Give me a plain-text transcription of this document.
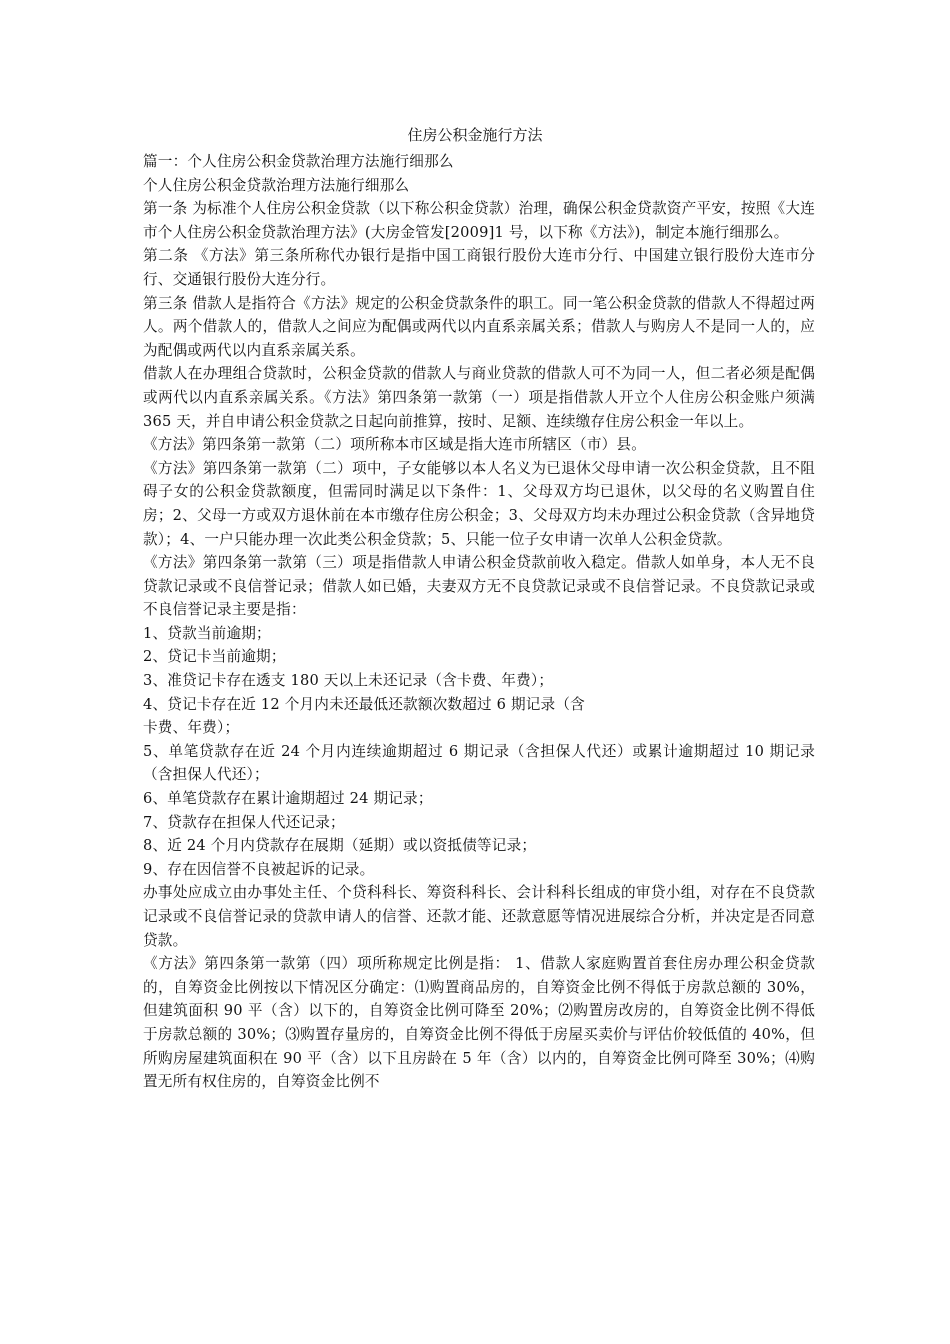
住房公积金施行方法

篇一：个人住房公积金贷款治理方法施行细那么

个人住房公积金贷款治理方法施行细那么

第一条 为标准个人住房公积金贷款（以下称公积金贷款）治理，确保公积金贷款资产平安，按照《大连市个人住房公积金贷款治理方法》(大房金管发[2009]1 号，以下称《方法》)，制定本施行细那么。

第二条 《方法》第三条所称代办银行是指中国工商银行股份大连市分行、中国建立银行股份大连市分行、交通银行股份大连分行。

第三条 借款人是指符合《方法》规定的公积金贷款条件的职工。同一笔公积金贷款的借款人不得超过两人。两个借款人的，借款人之间应为配偶或两代以内直系亲属关系；借款人与购房人不是同一人的，应为配偶或两代以内直系亲属关系。

借款人在办理组合贷款时，公积金贷款的借款人与商业贷款的借款人可不为同一人，但二者必须是配偶或两代以内直系亲属关系。《方法》第四条第一款第（一）项是指借款人开立个人住房公积金账户须满 365 天，并自申请公积金贷款之日起向前推算，按时、足额、连续缴存住房公积金一年以上。

《方法》第四条第一款第（二）项所称本市区域是指大连市所辖区（市）县。

《方法》第四条第一款第（二）项中，子女能够以本人名义为已退休父母申请一次公积金贷款，且不阻碍子女的公积金贷款额度，但需同时满足以下条件：1、父母双方均已退休，以父母的名义购置自住房；2、父母一方或双方退休前在本市缴存住房公积金；3、父母双方均未办理过公积金贷款（含异地贷款）；4、一户只能办理一次此类公积金贷款；5、只能一位子女申请一次单人公积金贷款。

《方法》第四条第一款第（三）项是指借款人申请公积金贷款前收入稳定。借款人如单身，本人无不良贷款记录或不良信誉记录；借款人如已婚，夫妻双方无不良贷款记录或不良信誉记录。不良贷款记录或不良信誉记录主要是指：

1、贷款当前逾期；

2、贷记卡当前逾期；

3、准贷记卡存在透支 180 天以上未还记录（含卡费、年费）；

4、贷记卡存在近 12 个月内未还最低还款额次数超过 6 期记录（含
卡费、年费）；

5、单笔贷款存在近 24 个月内连续逾期超过 6 期记录（含担保人代还）或累计逾期超过 10 期记录（含担保人代还）；

6、单笔贷款存在累计逾期超过 24 期记录；

7、贷款存在担保人代还记录；

8、近 24 个月内贷款存在展期（延期）或以资抵债等记录；

9、存在因信誉不良被起诉的记录。

办事处应成立由办事处主任、个贷科科长、筹资科科长、会计科科长组成的审贷小组，对存在不良贷款记录或不良信誉记录的贷款申请人的信誉、还款才能、还款意愿等情况进展综合分析，并决定是否同意贷款。

《方法》第四条第一款第（四）项所称规定比例是指： 1、借款人家庭购置首套住房办理公积金贷款的，自筹资金比例按以下情况区分确定：⑴购置商品房的，自筹资金比例不得低于房款总额的 30%，但建筑面积 90 平（含）以下的，自筹资金比例可降至 20%；⑵购置房改房的，自筹资金比例不得低于房款总额的 30%；⑶购置存量房的，自筹资金比例不得低于房屋买卖价与评估价较低值的 40%，但所购房屋建筑面积在 90 平（含）以下且房龄在 5 年（含）以内的，自筹资金比例可降至 30%；⑷购置无所有权住房的，自筹资金比例不
